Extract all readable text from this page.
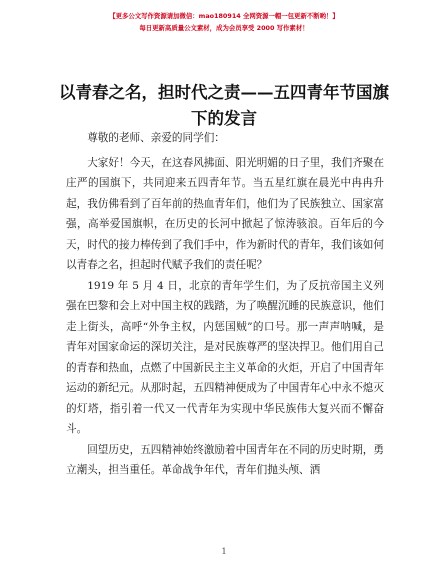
【更多公文写作资源请加微信：mao180914 全网资源一帽一包更新不断哟！】
每日更新高质量公文素材，成为会员享受 2000 写作素材！
以青春之名，担时代之责——五四青年节国旗
下的发言

尊敬的老师、亲爱的同学们：

大家好！今天，在这春风拂面、阳光明媚的日子里，我们齐聚在庄严的国旗下，共同迎来五四青年节。当五星红旗在晨光中冉冉升起，我仿佛看到了百年前的热血青年们，他们为了民族独立、国家富强，高举爱国旗帜，在历史的长河中掀起了惊涛骇浪。百年后的今天，时代的接力棒传到了我们手中，作为新时代的青年，我们该如何以青春之名，担起时代赋予我们的责任呢？

1919 年 5 月 4 日，北京的青年学生们，为了反抗帝国主义列强在巴黎和会上对中国主权的践踏，为了唤醒沉睡的民族意识，他们走上街头，高呼“外争主权，内惩国贼”的口号。那一声声呐喊，是青年对国家命运的深切关注，是对民族尊严的坚决捍卫。他们用自己的青春和热血，点燃了中国新民主主义革命的火炬，开启了中国青年运动的新纪元。从那时起，五四精神便成为了中国青年心中永不熄灭的灯塔，指引着一代又一代青年为实现中华民族伟大复兴而不懈奋斗。

回望历史，五四精神始终激励着中国青年在不同的历史时期，勇立潮头，担当重任。革命战争年代，青年们抛头颅、洒

1
